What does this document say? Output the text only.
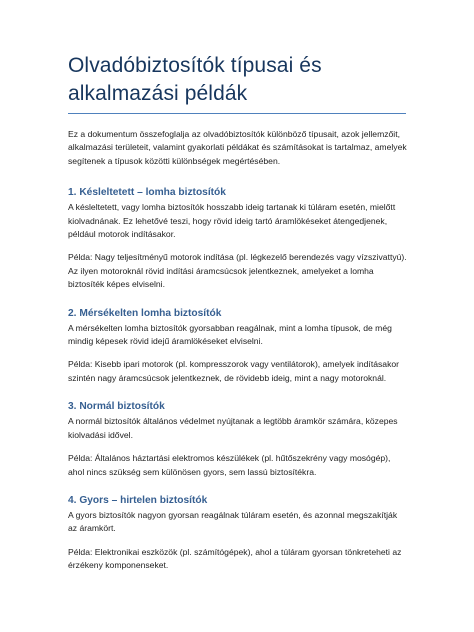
Olvadóbiztosítók típusai és alkalmazási példák

Ez a dokumentum összefoglalja az olvadóbiztosítók különböző típusait, azok jellemzőit, alkalmazási területeit, valamint gyakorlati példákat és számításokat is tartalmaz, amelyek segítenek a típusok közötti különbségek megértésében.

1. Késleltetett – lomha biztosítók

A késleltetett, vagy lomha biztosítók hosszabb ideig tartanak ki túláram esetén, mielőtt kiolvadnának. Ez lehetővé teszi, hogy rövid ideig tartó áramlökéseket átengedjenek, például motorok indításakor.

Példa: Nagy teljesítményű motorok indítása (pl. légkezelő berendezés vagy vízszivattyú). Az ilyen motoroknál rövid indítási áramcsúcsok jelentkeznek, amelyeket a lomha biztosíték képes elviselni.

2. Mérsékelten lomha biztosítók

A mérsékelten lomha biztosítók gyorsabban reagálnak, mint a lomha típusok, de még mindig képesek rövid idejű áramlökéseket elviselni.

Példa: Kisebb ipari motorok (pl. kompresszorok vagy ventilátorok), amelyek indításakor szintén nagy áramcsúcsok jelentkeznek, de rövidebb ideig, mint a nagy motoroknál.

3. Normál biztosítók

A normál biztosítók általános védelmet nyújtanak a legtöbb áramkör számára, közepes kiolvadási idővel.

Példa: Általános háztartási elektromos készülékek (pl. hűtőszekrény vagy mosógép), ahol nincs szükség sem különösen gyors, sem lassú biztosítékra.

4. Gyors – hirtelen biztosítók

A gyors biztosítók nagyon gyorsan reagálnak túláram esetén, és azonnal megszakítják az áramkört.

Példa: Elektronikai eszközök (pl. számítógépek), ahol a túláram gyorsan tönkreteheti az érzékeny komponenseket.
